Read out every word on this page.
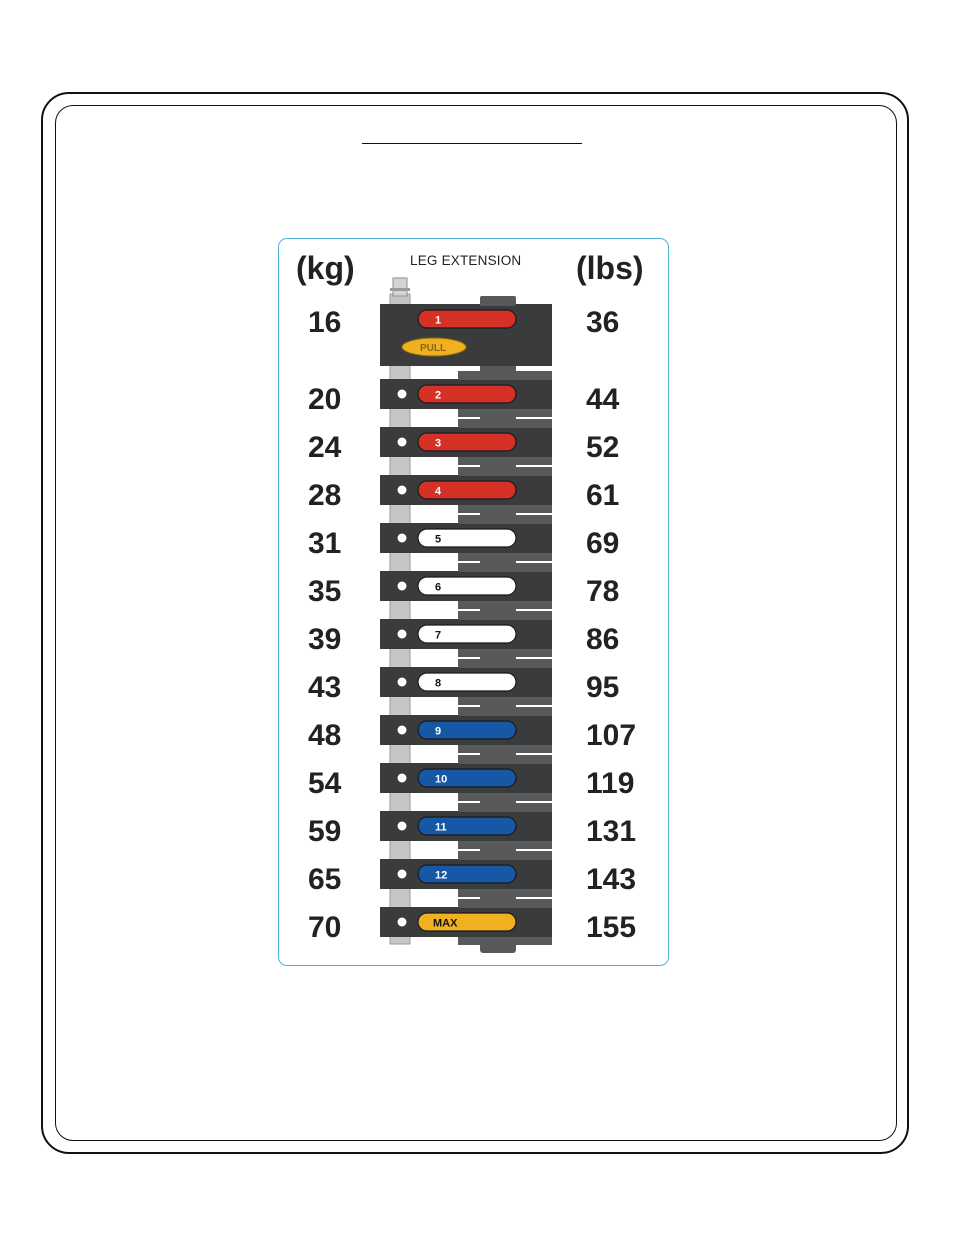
(kg)	(lbs)
LEG EXTENSION
16
20
24
28
31
35
39
43
48
54
59
65
70
36
44
52
61
69
78
86
95
107
119
131
143
155
1
2
3
4
5
6
7
8
9
10
11
12
MAX
PULL
